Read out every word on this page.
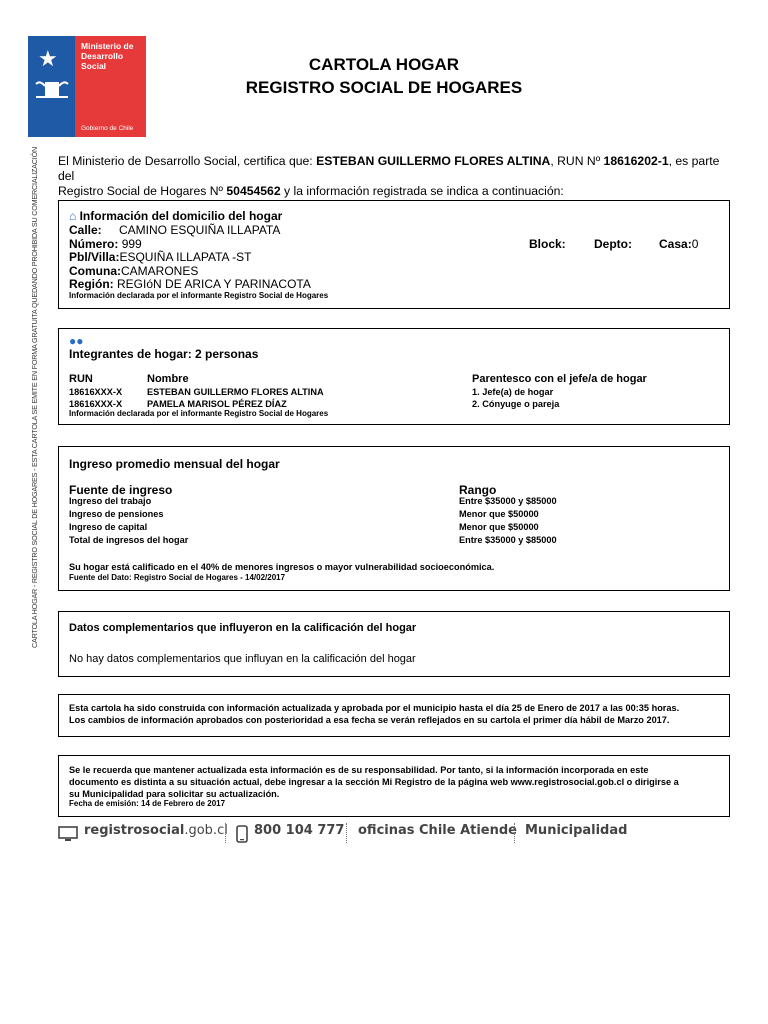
★	Ministerio de
Desarrollo
Social
Gobierno de Chile
CARTOLA HOGAR
REGISTRO SOCIAL DE HOGARES
CARTOLA HOGAR - REGISTRO SOCIAL DE HOGARES - ESTA CARTOLA SE EMITE EN FORMA GRATUITA QUEDANDO PROHIBIDA SU COMERCIALIZACIÓN El Ministerio de Desarrollo Social, certifica que: ESTEBAN GUILLERMO FLORES ALTINA, RUN Nº 18616202-1, es parte del
Registro Social de Hogares Nº 50454562 y la información registrada se indica a continuación:
⌂ Información del domicilio del hogar
Calle: CAMINO ESQUIÑA ILLAPATA
Número: 999	Block: Depto: Casa:0
Pbl/Villa:ESQUIÑA ILLAPATA -ST
Comuna:CAMARONES
Región: REGIóN DE ARICA Y PARINACOTA
Información declarada por el informante Registro Social de Hogares
●●
Integrantes de hogar: 2 personas
RUN	Nombre	Parentesco con el jefe/a de hogar
18616XXX-X	ESTEBAN GUILLERMO FLORES ALTINA	1. Jefe(a) de hogar
18616XXX-X	PAMELA MARISOL PÉREZ DÍAZ	2. Cónyuge o pareja
Información declarada por el informante Registro Social de Hogares
Ingreso promedio mensual del hogar
Fuente de ingreso	Rango
Ingreso del trabajo	Entre $35000 y $85000
Ingreso de pensiones	Menor que $50000
Ingreso de capital	Menor que $50000
Total de ingresos del hogar	Entre $35000 y $85000
Su hogar está calificado en el 40% de menores ingresos o mayor vulnerabilidad socioeconómica.
Fuente del Dato: Registro Social de Hogares - 14/02/2017
Datos complementarios que influyeron en la calificación del hogar
No hay datos complementarios que influyan en la calificación del hogar
Esta cartola ha sido construida con información actualizada y aprobada por el municipio hasta el día 25 de Enero de 2017 a las 00:35 horas.
Los cambios de información aprobados con posterioridad a esa fecha se verán reflejados en su cartola el primer día hábil de Marzo 2017.
Se le recuerda que mantener actualizada esta información es de su responsabilidad. Por tanto, si la información incorporada en este
documento es distinta a su situación actual, debe ingresar a la sección Mi Registro de la página web www.registrosocial.gob.cl o dirigirse a
su Municipalidad para solicitar su actualización.
Fecha de emisión: 14 de Febrero de 2017
registrosocial.gob.cl 800 104 777 oficinas Chile Atiende Municipalidad
